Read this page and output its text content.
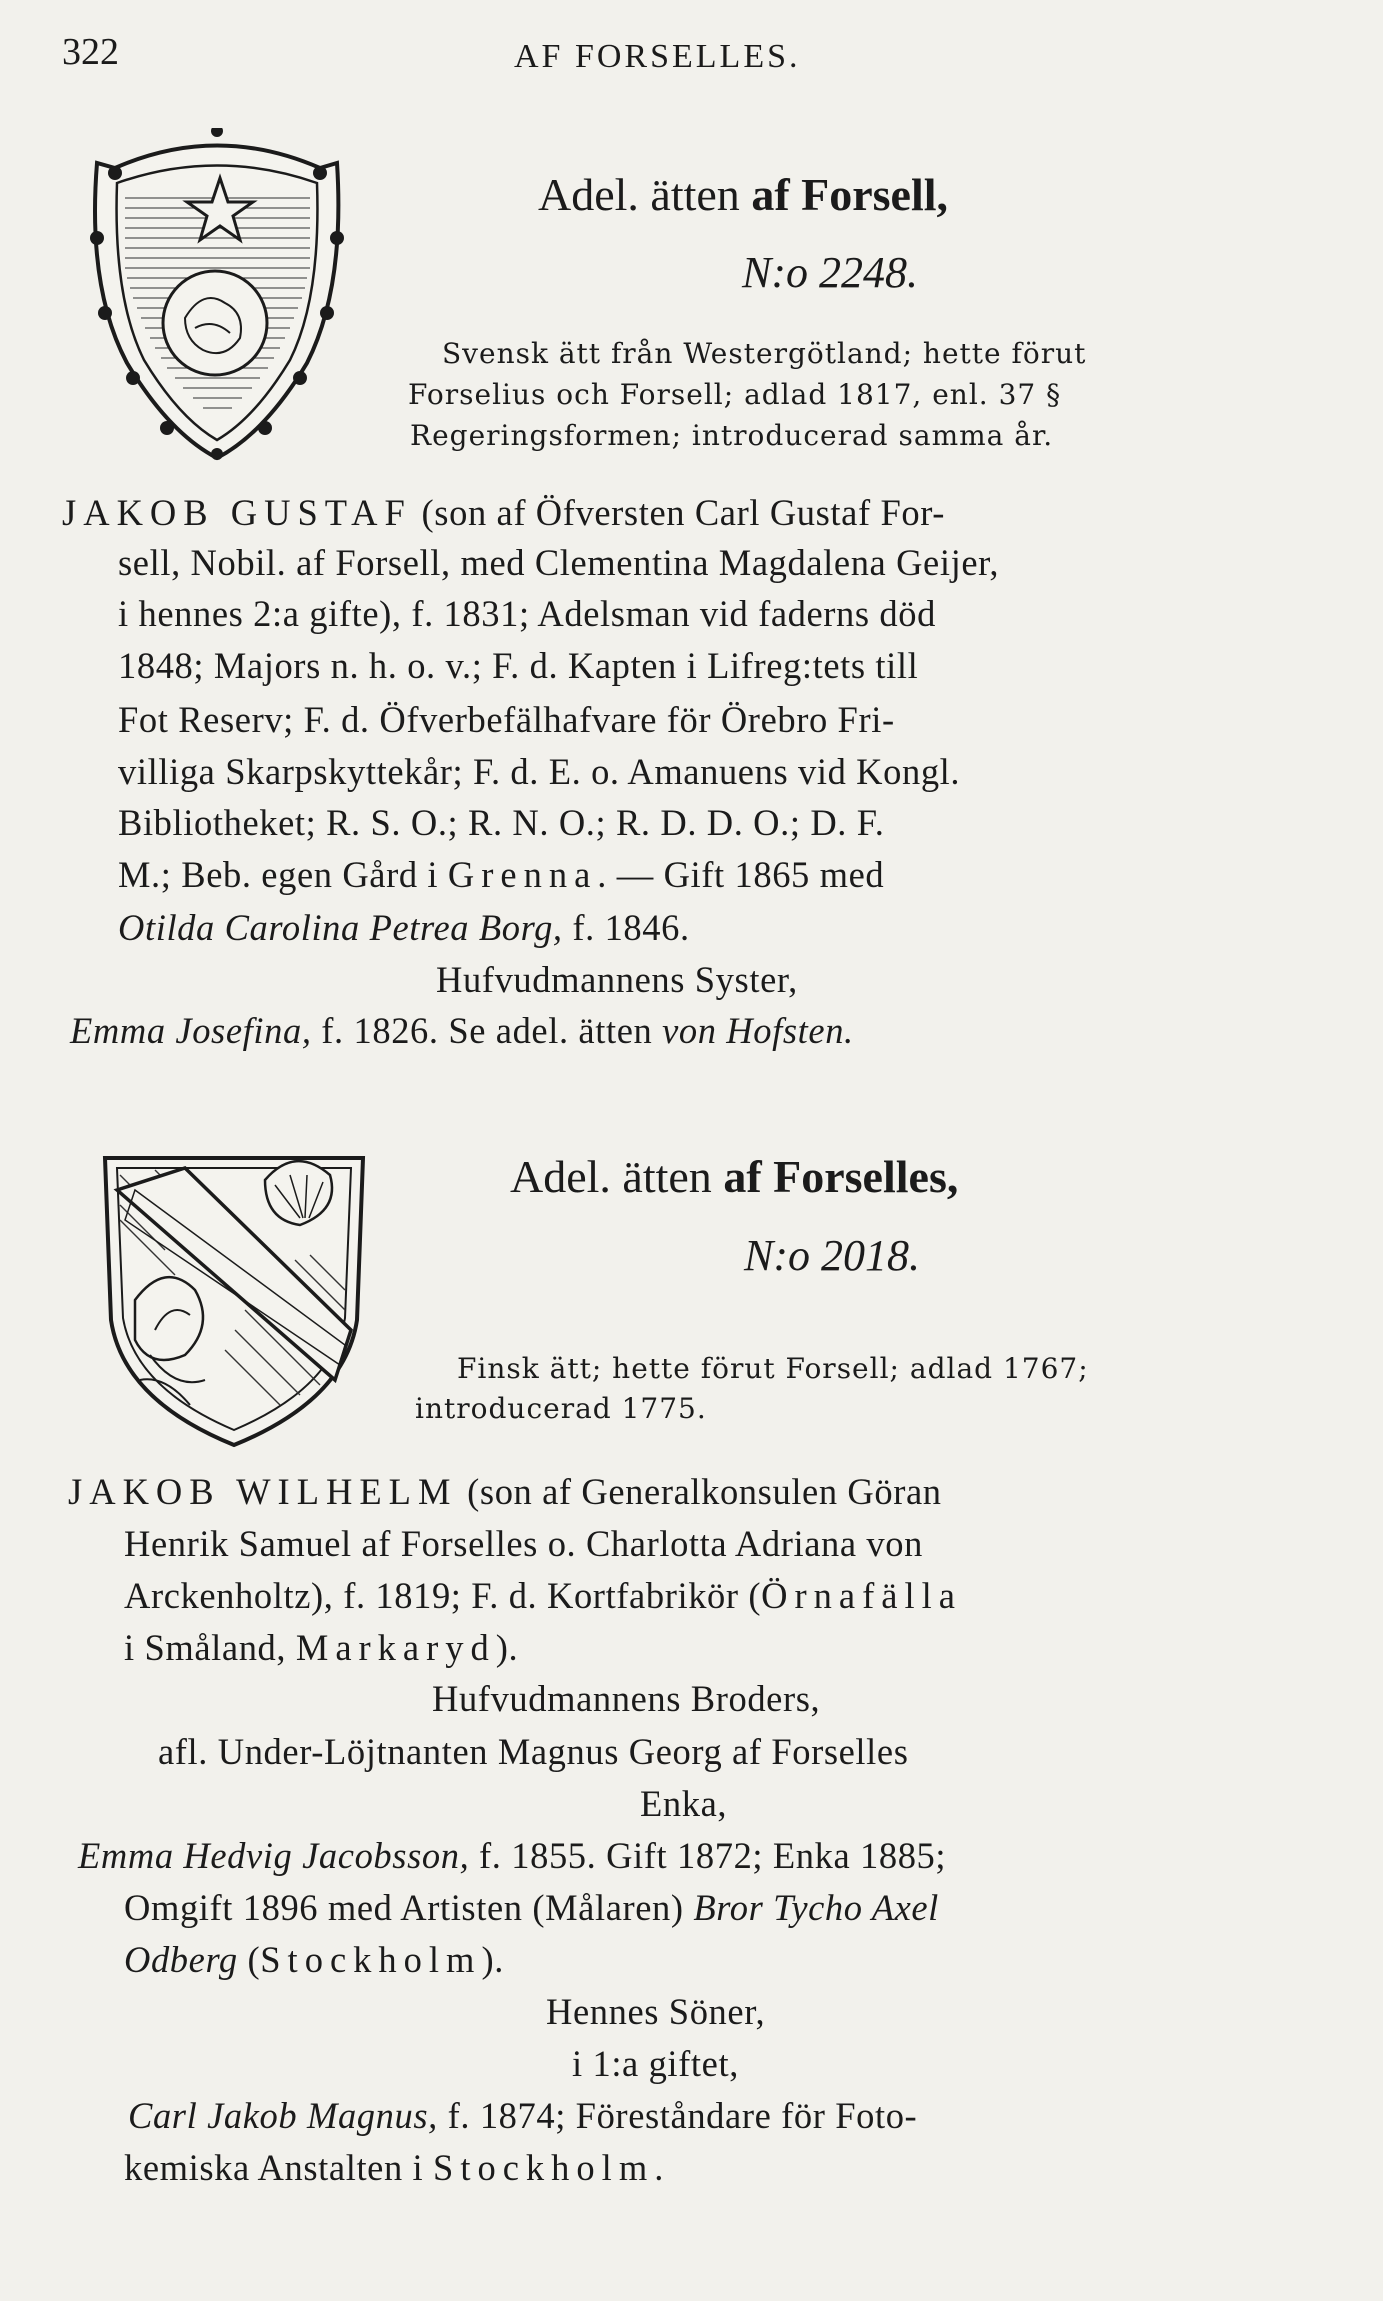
322	AF FORSELLES.
Adel. ätten af Forsell,
N:o 2248.
Svensk ätt från Westergötland; hette förut
Forselius och Forsell; adlad 1817, enl. 37 §
Regeringsformen; introducerad samma år.
JAKOB GUSTAF (son af Öfversten Carl Gustaf For-
sell, Nobil. af Forsell, med Clementina Magdalena Geijer,
i hennes 2:a gifte), f. 1831; Adelsman vid faderns död
1848; Majors n. h. o. v.; F. d. Kapten i Lifreg:tets till
Fot Reserv; F. d. Öfverbefälhafvare för Örebro Fri-
villiga Skarpskyttekår; F. d. E. o. Amanuens vid Kongl.
Bibliotheket; R. S. O.; R. N. O.; R. D. D. O.; D. F.
M.; Beb. egen Gård i Grenna. — Gift 1865 med
Otilda Carolina Petrea Borg, f. 1846.
Hufvudmannens Syster,
Emma Josefina, f. 1826. Se adel. ätten von Hofsten.
Adel. ätten af Forselles,
N:o 2018.
Finsk ätt; hette förut Forsell; adlad 1767;
introducerad 1775.
JAKOB WILHELM (son af Generalkonsulen Göran
Henrik Samuel af Forselles o. Charlotta Adriana von
Arckenholtz), f. 1819; F. d. Kortfabrikör (Örnafälla
i Småland, Markaryd).
Hufvudmannens Broders,
afl. Under-Löjtnanten Magnus Georg af Forselles
Enka,
Emma Hedvig Jacobsson, f. 1855. Gift 1872; Enka 1885;
Omgift 1896 med Artisten (Målaren) Bror Tycho Axel
Odberg (Stockholm).
Hennes Söner,
i 1:a giftet,
Carl Jakob Magnus, f. 1874; Föreståndare för Foto-
kemiska Anstalten i Stockholm.
